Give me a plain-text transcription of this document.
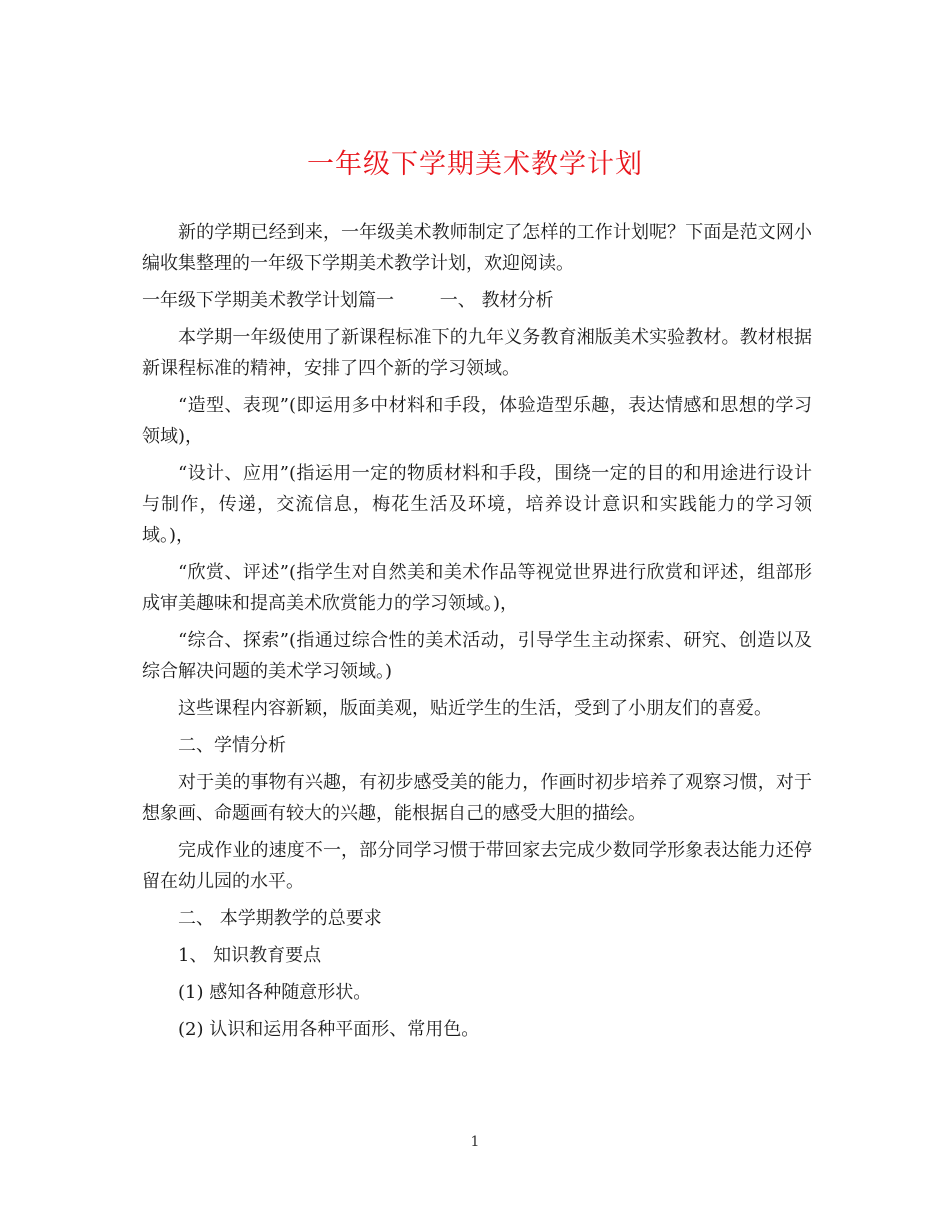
一年级下学期美术教学计划

新的学期已经到来，一年级美术教师制定了怎样的工作计划呢？下面是范文网小编收集整理的一年级下学期美术教学计划，欢迎阅读。

一年级下学期美术教学计划篇一        一、 教材分析

本学期一年级使用了新课程标准下的九年义务教育湘版美术实验教材。教材根据新课程标准的精神，安排了四个新的学习领域。

“造型、表现”(即运用多中材料和手段，体验造型乐趣，表达情感和思想的学习领域)，

“设计、应用”(指运用一定的物质材料和手段，围绕一定的目的和用途进行设计与制作，传递，交流信息，梅花生活及环境，培养设计意识和实践能力的学习领域。)，

“欣赏、评述”(指学生对自然美和美术作品等视觉世界进行欣赏和评述，组部形成审美趣味和提高美术欣赏能力的学习领域。)，

“综合、探索”(指通过综合性的美术活动，引导学生主动探索、研究、创造以及综合解决问题的美术学习领域。)

这些课程内容新颖，版面美观，贴近学生的生活，受到了小朋友们的喜爱。

二、学情分析

对于美的事物有兴趣，有初步感受美的能力，作画时初步培养了观察习惯，对于想象画、命题画有较大的兴趣，能根据自己的感受大胆的描绘。

完成作业的速度不一，部分同学习惯于带回家去完成少数同学形象表达能力还停留在幼儿园的水平。

二、 本学期教学的总要求

1、 知识教育要点

(1) 感知各种随意形状。

(2) 认识和运用各种平面形、常用色。

1
